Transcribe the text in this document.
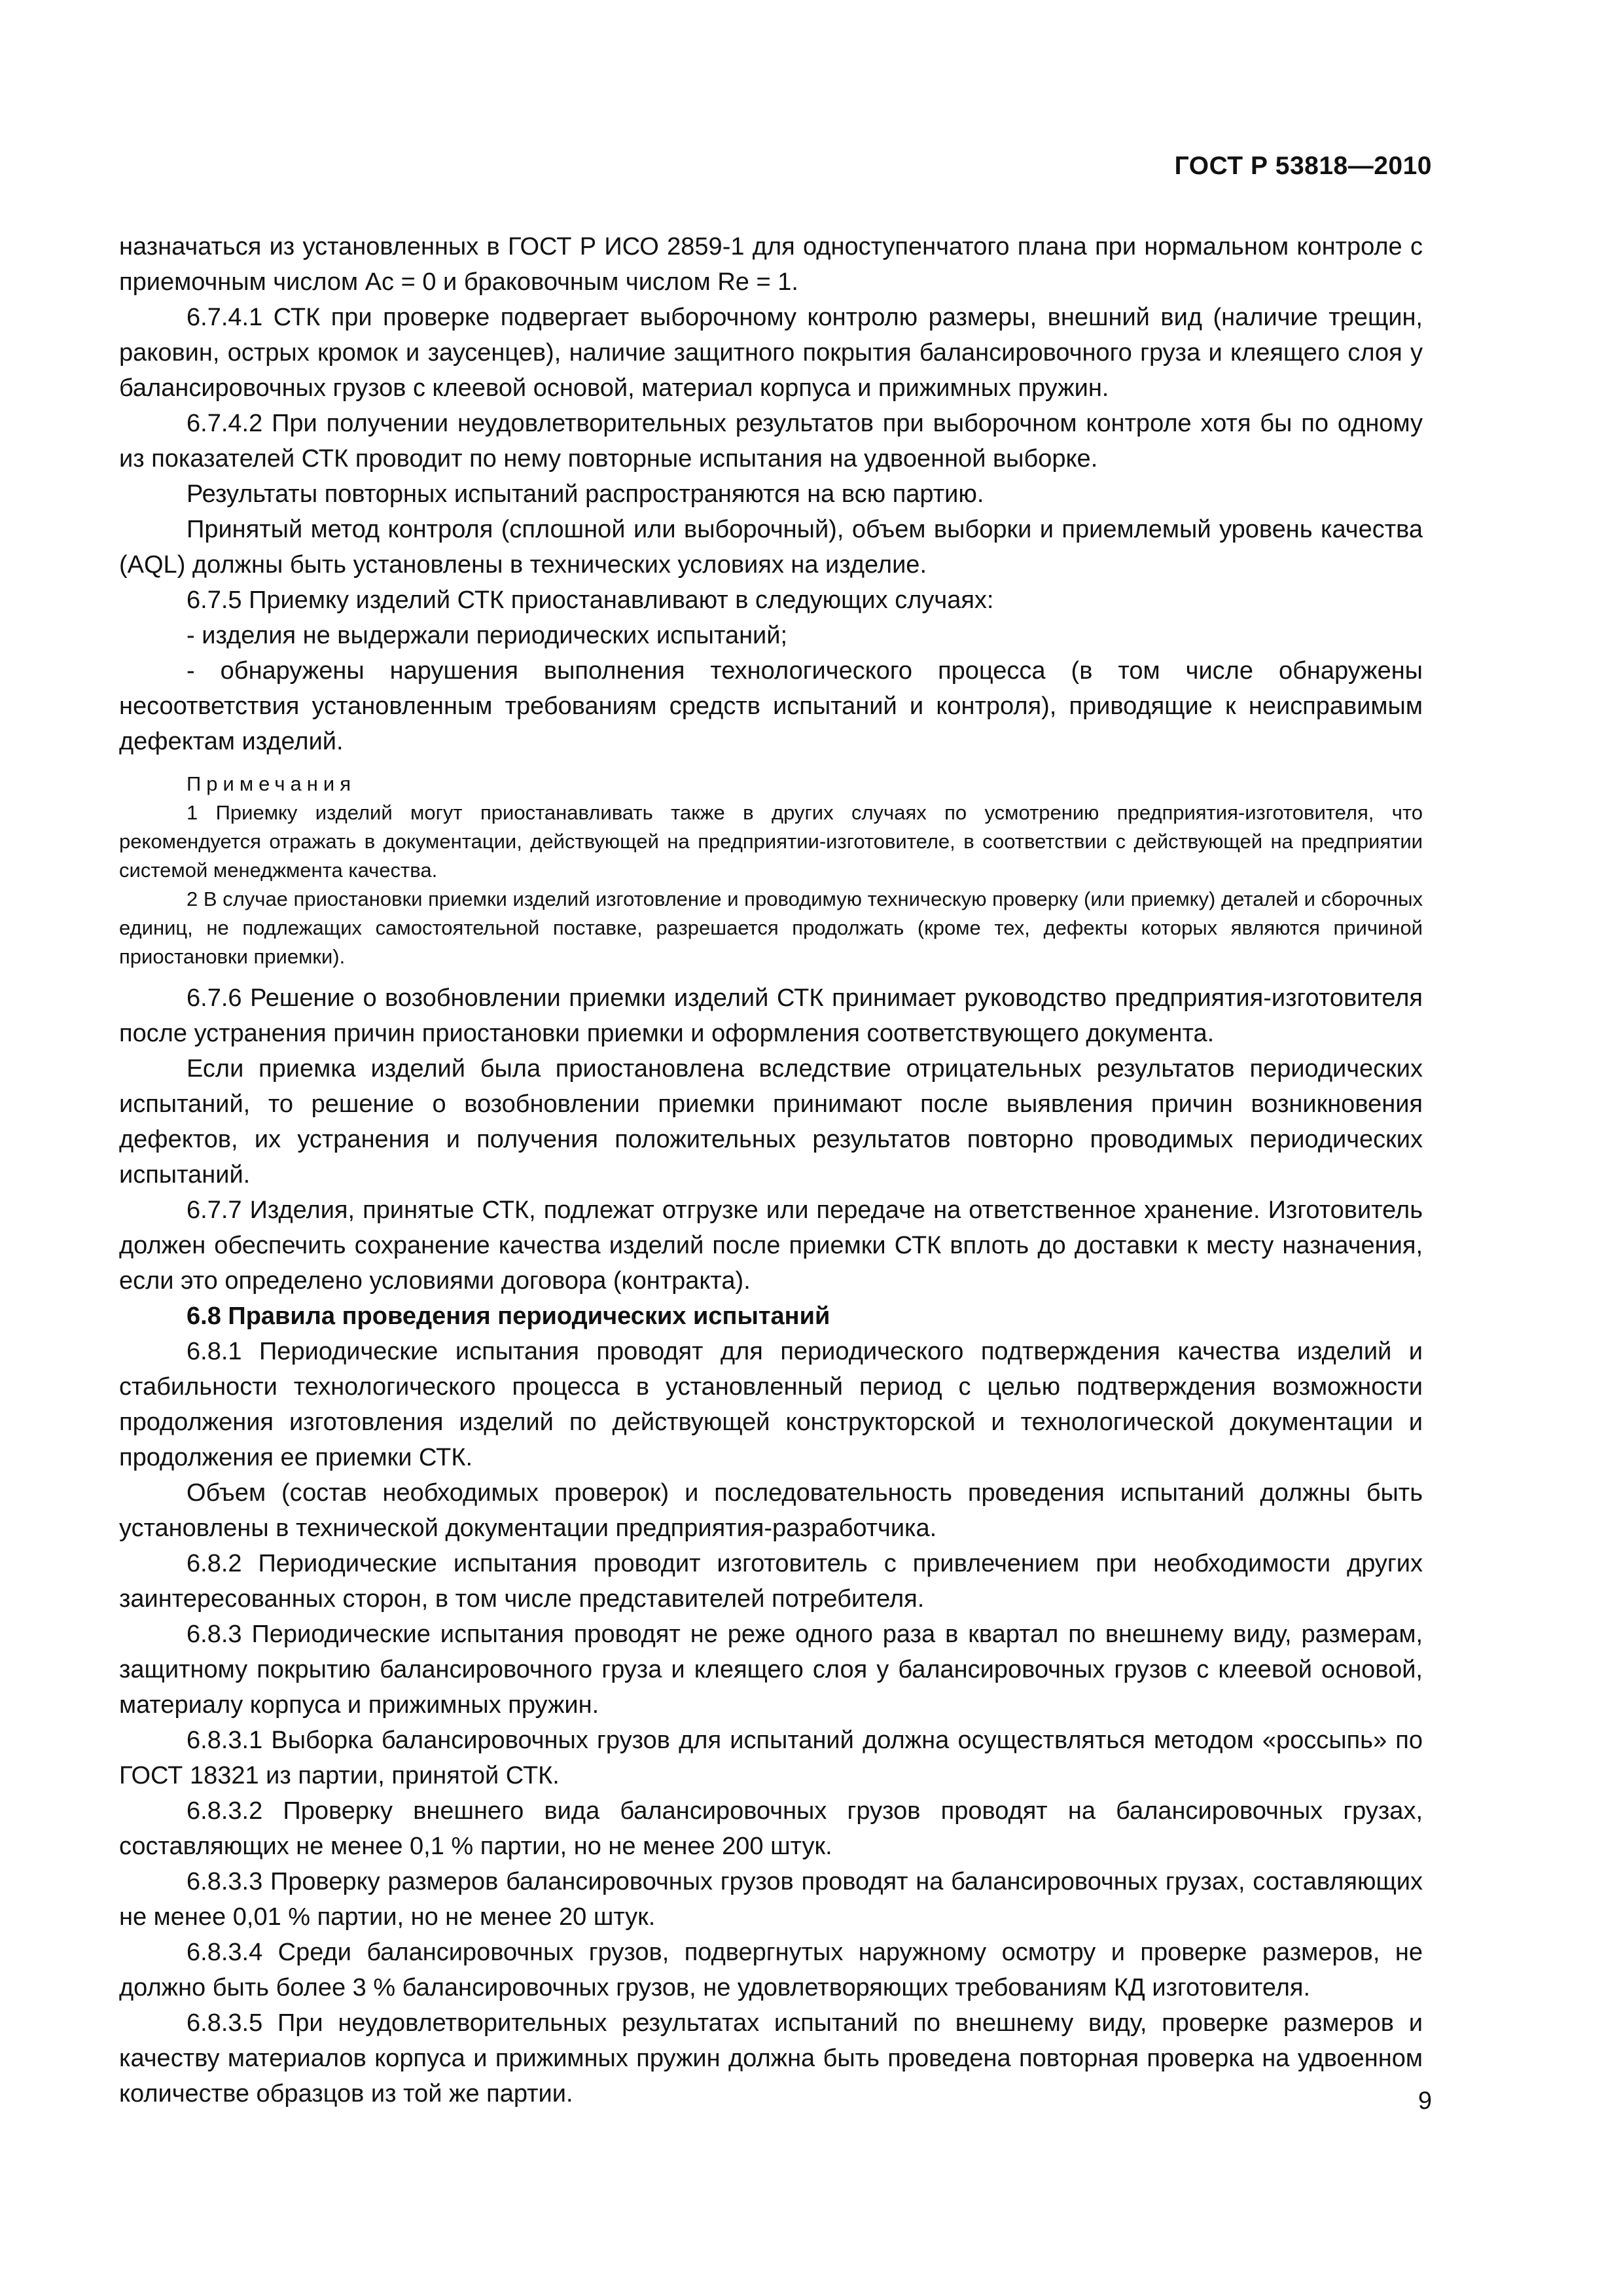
ГОСТ Р 53818—2010

назначаться из установленных в ГОСТ Р ИСО 2859-1 для одноступенчатого плана при нормальном контроле с приемочным числом Ac = 0 и браковочным числом Re = 1.

6.7.4.1 СТК при проверке подвергает выборочному контролю размеры, внешний вид (наличие трещин, раковин, острых кромок и заусенцев), наличие защитного покрытия балансировочного груза и клеящего слоя у балансировочных грузов с клеевой основой, материал корпуса и прижимных пружин.

6.7.4.2 При получении неудовлетворительных результатов при выборочном контроле хотя бы по одному из показателей СТК проводит по нему повторные испытания на удвоенной выборке.

Результаты повторных испытаний распространяются на всю партию.

Принятый метод контроля (сплошной или выборочный), объем выборки и приемлемый уровень качества (AQL) должны быть установлены в технических условиях на изделие.

6.7.5 Приемку изделий СТК приостанавливают в следующих случаях:

- изделия не выдержали периодических испытаний;

- обнаружены нарушения выполнения технологического процесса (в том числе обнаружены несоответствия установленным требованиям средств испытаний и контроля), приводящие к неисправимым дефектам изделий.

Примечания

1 Приемку изделий могут приостанавливать также в других случаях по усмотрению предприятия-изготовителя, что рекомендуется отражать в документации, действующей на предприятии-изготовителе, в соответствии с действующей на предприятии системой менеджмента качества.

2 В случае приостановки приемки изделий изготовление и проводимую техническую проверку (или приемку) деталей и сборочных единиц, не подлежащих самостоятельной поставке, разрешается продолжать (кроме тех, дефекты которых являются причиной приостановки приемки).

6.7.6 Решение о возобновлении приемки изделий СТК принимает руководство предприятия-изготовителя после устранения причин приостановки приемки и оформления соответствующего документа.

Если приемка изделий была приостановлена вследствие отрицательных результатов периодических испытаний, то решение о возобновлении приемки принимают после выявления причин возникновения дефектов, их устранения и получения положительных результатов повторно проводимых периодических испытаний.

6.7.7 Изделия, принятые СТК, подлежат отгрузке или передаче на ответственное хранение. Изготовитель должен обеспечить сохранение качества изделий после приемки СТК вплоть до доставки к месту назначения, если это определено условиями договора (контракта).

6.8 Правила проведения периодических испытаний

6.8.1 Периодические испытания проводят для периодического подтверждения качества изделий и стабильности технологического процесса в установленный период с целью подтверждения возможности продолжения изготовления изделий по действующей конструкторской и технологической документации и продолжения ее приемки СТК.

Объем (состав необходимых проверок) и последовательность проведения испытаний должны быть установлены в технической документации предприятия-разработчика.

6.8.2 Периодические испытания проводит изготовитель с привлечением при необходимости других заинтересованных сторон, в том числе представителей потребителя.

6.8.3 Периодические испытания проводят не реже одного раза в квартал по внешнему виду, размерам, защитному покрытию балансировочного груза и клеящего слоя у балансировочных грузов с клеевой основой, материалу корпуса и прижимных пружин.

6.8.3.1 Выборка балансировочных грузов для испытаний должна осуществляться методом «россыпь» по ГОСТ 18321 из партии, принятой СТК.

6.8.3.2 Проверку внешнего вида балансировочных грузов проводят на балансировочных грузах, составляющих не менее 0,1 % партии, но не менее 200 штук.

6.8.3.3 Проверку размеров балансировочных грузов проводят на балансировочных грузах, составляющих не менее 0,01 % партии, но не менее 20 штук.

6.8.3.4 Среди балансировочных грузов, подвергнутых наружному осмотру и проверке размеров, не должно быть более 3 % балансировочных грузов, не удовлетворяющих требованиям КД изготовителя.

6.8.3.5 При неудовлетворительных результатах испытаний по внешнему виду, проверке размеров и качеству материалов корпуса и прижимных пружин должна быть проведена повторная проверка на удвоенном количестве образцов из той же партии.	9
